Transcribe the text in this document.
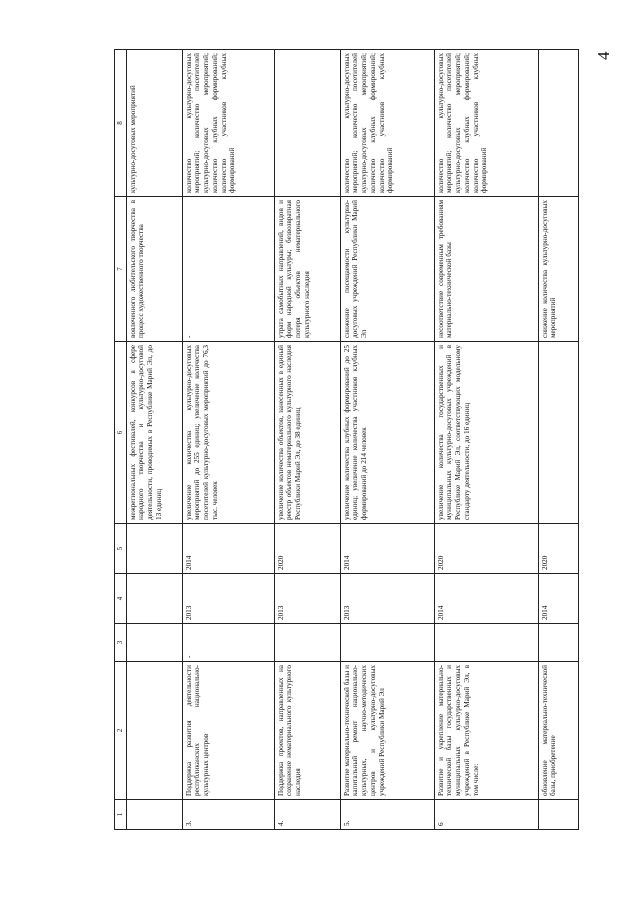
4
1	2	3	4	5	6	7	8
					межрегиональных фестивалей, конкурсов в сфере народного творчества и культурно-досуговой деятельности, проводимых в Республике Марий Эл, до 13 единиц	вовлеченного любительского творчества в процесс художественного творчества	культурно-досуговых мероприятий
3.	Поддержка развития деятельности республиканских национально-культурных центров	-	2013	2014	увеличение количества культурно-досуговых мероприятий до 255 единиц; увеличение количества посетителей культурно-досуговых мероприятий до 76,3 тыс. человек	-	количество культурно-досуговых мероприятий; количество посетителей культурно-досуговых мероприятий; количество клубных формирований; количество участников клубных формирований
4.	Поддержка проектов, направленных на сохранение нематериального культурного наследия		2013	2020	увеличение количества объектов, занесенных в единый реестр объектов нематериального культурного наследия Республики Марий Эл, до 38 единиц	утрата самобытных направлений, видов и форм народной культуры; безвозвратная потеря объектов нематериального культурного наследия	
5.	Развитие материально-технической базы и капитальный ремонт национально-культурных, научно-методических центров и культурно-досуговых учреждений Республики Марий Эл		2013	2014	увеличение количества клубных формирований до 25 единиц; увеличение количества участников клубных формирований до 214 человек	снижение посещаемости культурно-досуговых учреждений Республики Марий Эл	количество культурно-досуговых мероприятий; количество посетителей культурно-досуговых мероприятий; количество клубных формирований; количество участников клубных формирований
6	Развитие и укрепление материально-технической базы государственных и муниципальных культурно-досуговых учреждений в Республике Марий Эл, в том числе:		2014	2020	увеличение количества государственных и муниципальных культурно-досуговых учреждений в Республике Марий Эл, соответствующих модельному стандарту деятельности, до 16 единиц	несоответствие современным требованиям материально-технической базы	количество культурно-досуговых мероприятий; количество посетителей культурно-досуговых мероприятий; количество клубных формирований; количество участников клубных формирований
	обновление материально-технической базы, приобретение		2014	2020		снижение количества культурно-досуговых мероприятий	
